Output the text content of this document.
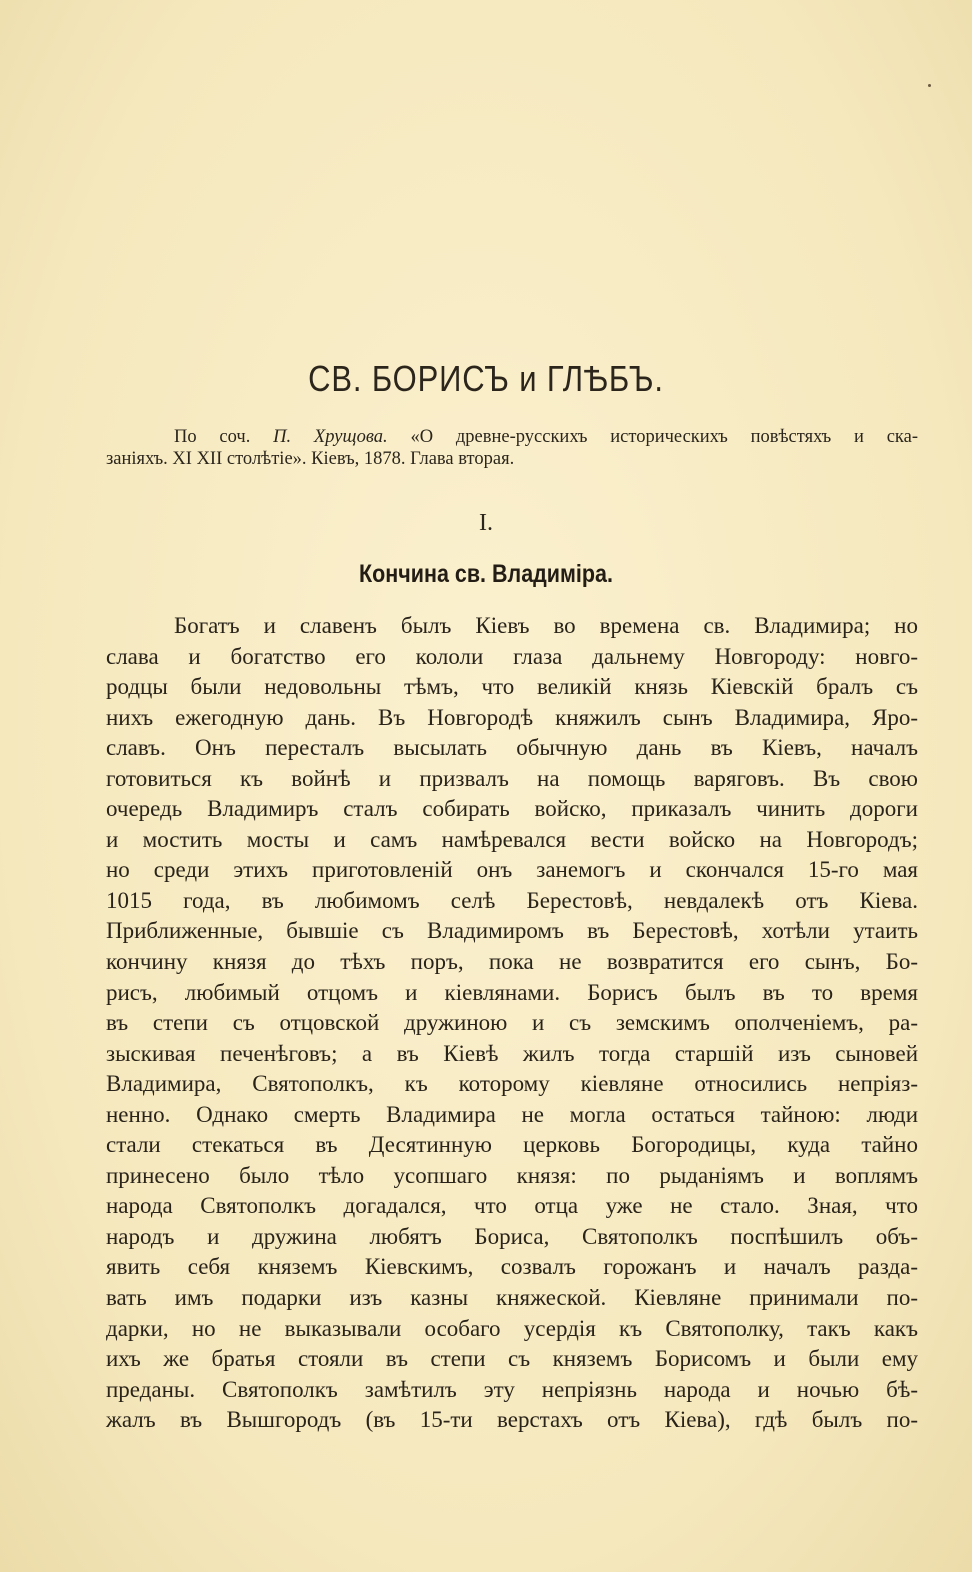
СВ. БОРИСЪ и ГЛѢБЪ.
По соч. П. Хрущова. «О древне-русскихъ историческихъ повѣстяхъ и ска-
занiяхъ. XI XII столѣтiе». Кiевъ, 1878. Глава вторая.
I.
Кончина св. Владимiра.
Богатъ и славенъ былъ Кiевъ во времена св. Владимира; но
слава и богатство его кололи глаза дальнему Новгороду: новго-
родцы были недовольны тѣмъ, что великiй князь Кiевскiй бралъ съ
нихъ ежегодную дань. Въ Новгородѣ княжилъ сынъ Владимира, Яро-
славъ. Онъ пересталъ высылать обычную дань въ Кiевъ, началъ
готовиться къ войнѣ и призвалъ на помощь варяговъ. Въ свою
очередь Владимиръ сталъ собирать войско, приказалъ чинить дороги
и мостить мосты и самъ намѣревался вести войско на Новгородъ;
но среди этихъ приготовленiй онъ занемогъ и скончался 15-го мая
1015 года, въ любимомъ селѣ Берестовѣ, невдалекѣ отъ Кiева.
Приближенные, бывшiе съ Владимиромъ въ Берестовѣ, хотѣли утаить
кончину князя до тѣхъ поръ, пока не возвратится его сынъ, Бо-
рисъ, любимый отцомъ и кiевлянами. Борисъ былъ въ то время
въ степи съ отцовской дружиною и съ земскимъ ополченiемъ, ра-
зыскивая печенѣговъ; а въ Кiевѣ жилъ тогда старшiй изъ сыновей
Владимира, Святополкъ, къ которому кiевляне относились непрiяз-
ненно. Однако смерть Владимира не могла остаться тайною: люди
стали стекаться въ Десятинную церковь Богородицы, куда тайно
принесено было тѣло усопшаго князя: по рыданiямъ и воплямъ
народа Святополкъ догадался, что отца уже не стало. Зная, что
народъ и дружина любятъ Бориса, Святополкъ поспѣшилъ объ-
явить себя княземъ Кiевскимъ, созвалъ горожанъ и началъ разда-
вать имъ подарки изъ казны княжеской. Кiевляне принимали по-
дарки, но не выказывали особаго усердiя къ Святополку, такъ какъ
ихъ же братья стояли въ степи съ княземъ Борисомъ и были ему
преданы. Святополкъ замѣтилъ эту непрiязнь народа и ночью бѣ-
жалъ въ Вышгородъ (въ 15-ти верстахъ отъ Кiева), гдѣ былъ по-
